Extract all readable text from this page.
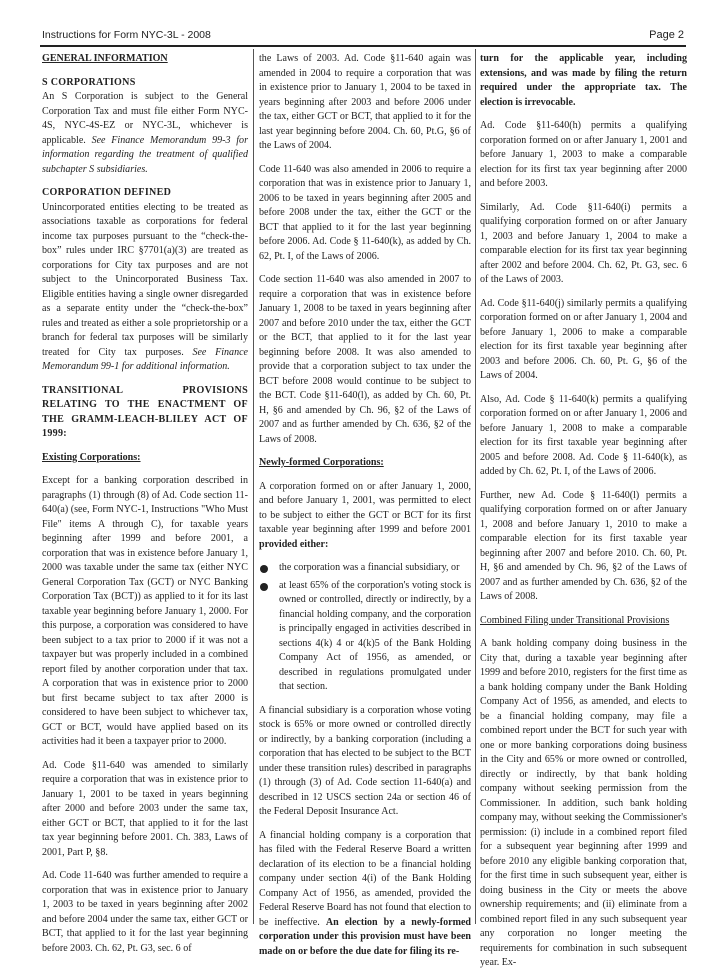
Instructions for Form NYC-3L - 2008	Page 2
GENERAL INFORMATION
S CORPORATIONS

An S Corporation is subject to the General Corporation Tax and must file either Form NYC-4S, NYC-4S-EZ or NYC-3L, whichever is applicable. See Finance Memorandum 99-3 for information regarding the treatment of qualified subchapter S subsidiaries.

CORPORATION DEFINED

Unincorporated entities electing to be treated as associations taxable as corporations for federal income tax purposes pursuant to the “check-the-box” rules under IRC §7701(a)(3) are treated as corporations for City tax purposes and are not subject to the Unincorporated Business Tax. Eligible entities having a single owner disregarded as a separate entity under the “check-the-box” rules and treated as either a sole proprietorship or a branch for federal tax purposes will be similarly treated for City tax purposes. See Finance Memorandum 99-1 for additional information.

TRANSITIONAL PROVISIONS RELATING TO THE ENACTMENT OF THE GRAMM-LEACH-BLILEY ACT OF 1999:
Existing Corporations:

Except for a banking corporation described in paragraphs (1) through (8) of Ad. Code section 11-640(a) (see, Form NYC-1, Instructions "Who Must File" items A through C), for taxable years beginning after 1999 and before 2001, a corporation that was in existence before January 1, 2000 was taxable under the same tax (either NYC General Corporation Tax (GCT) or NYC Banking Corporation Tax (BCT)) as applied to it for its last taxable year beginning before January 1, 2000. For this purpose, a corporation was considered to have been subject to a tax prior to 2000 if it was not a taxpayer but was properly included in a combined report filed by another corporation under that tax. A corporation that was in existence prior to 2000 but first became subject to tax after 2000 is considered to have been subject to whichever tax, GCT or BCT, would have applied based on its activities had it been a taxpayer prior to 2000.

Ad. Code §11-640 was amended to similarly require a corporation that was in existence prior to January 1, 2001 to be taxed in years beginning after 2000 and before 2003 under the same tax, either GCT or BCT, that applied to it for the last tax year beginning before 2001. Ch. 383, Laws of 2001, Part P, §8.

Ad. Code 11-640 was further amended to require a corporation that was in existence prior to January 1, 2003 to be taxed in years beginning after 2002 and before 2004 under the same tax, either GCT or BCT, that applied to it for the last year beginning before 2003. Ch. 62, Pt. G3, sec. 6 of

the Laws of 2003. Ad. Code §11-640 again was amended in 2004 to require a corporation that was in existence prior to January 1, 2004 to be taxed in years beginning after 2003 and before 2006 under the tax, either GCT or BCT, that applied to it for the last year beginning before 2004. Ch. 60, Pt.G, §6 of the Laws of 2004.

Code 11-640 was also amended in 2006 to require a corporation that was in existence prior to January 1, 2006 to be taxed in years beginning after 2005 and before 2008 under the tax, either the GCT or the BCT that applied to it for the last year beginning before 2006. Ad. Code § 11-640(k), as added by Ch. 62, Pt. I, of the Laws of 2006.

Code section 11-640 was also amended in 2007 to require a corporation that was in existence before January 1, 2008 to be taxed in years beginning after 2007 and before 2010 under the tax, either the GCT or the BCT, that applied to it for the last year beginning before 2008. It was also amended to provide that a corporation subject to tax under the BCT before 2008 would continue to be subject to the BCT. Code §11-640(l), as added by Ch. 60, Pt. H, §6 and amended by Ch. 96, §2 of the Laws of 2007 and as further amended by Ch. 636, §2 of the Laws of 2008.

Newly-formed Corporations:

A corporation formed on or after January 1, 2000, and before January 1, 2001, was permitted to elect to be subject to either the GCT or BCT for its first taxable year beginning after 1999 and before 2001 provided either:

the corporation was a financial subsidiary, or
at least 65% of the corporation's voting stock is owned or controlled, directly or indirectly, by a financial holding company, and the corporation is principally engaged in activities described in sections 4(k) 4 or 4(k)5 of the Bank Holding Company Act of 1956, as amended, or described in regulations promulgated under that section.

A financial subsidiary is a corporation whose voting stock is 65% or more owned or controlled directly or indirectly, by a banking corporation (including a corporation that has elected to be subject to the BCT under these transition rules) described in paragraphs (1) through (3) of Ad. Code section 11-640(a) and described in 12 USCS section 24a or section 46 of the Federal Deposit Insurance Act.

A financial holding company is a corporation that has filed with the Federal Reserve Board a written declaration of its election to be a financial holding company under section 4(i) of the Bank Holding Company Act of 1956, as amended, provided the Federal Reserve Board has not found that election to be ineffective. An election by a newly-formed corporation under this provision must have been made on or before the due date for filing its re-

turn for the applicable year, including extensions, and was made by filing the return required under the appropriate tax. The election is irrevocable.

Ad. Code §11-640(h) permits a qualifying corporation formed on or after January 1, 2001 and before January 1, 2003 to make a comparable election for its first tax year beginning after 2000 and before 2003.

Similarly, Ad. Code §11-640(i) permits a qualifying corporation formed on or after January 1, 2003 and before January 1, 2004 to make a comparable election for its first tax year beginning after 2002 and before 2004. Ch. 62, Pt. G3, sec. 6 of the Laws of 2003.

Ad. Code §11-640(j) similarly permits a qualifying corporation formed on or after January 1, 2004 and before January 1, 2006 to make a comparable election for its first taxable year beginning after 2003 and before 2006. Ch. 60, Pt. G, §6 of the Laws of 2004.

Also, Ad. Code § 11-640(k) permits a qualifying corporation formed on or after January 1, 2006 and before January 1, 2008 to make a comparable election for its first taxable year beginning after 2005 and before 2008. Ad. Code § 11-640(k), as added by Ch. 62, Pt. I, of the Laws of 2006.

Further, new Ad. Code § 11-640(l) permits a qualifying corporation formed on or after January 1, 2008 and before January 1, 2010 to make a comparable election for its first taxable year beginning after 2007 and before 2010. Ch. 60, Pt. H, §6 and amended by Ch. 96, §2 of the Laws of 2007 and as further amended by Ch. 636, §2 of the Laws of 2008.

Combined Filing under Transitional Provisions

A bank holding company doing business in the City that, during a taxable year beginning after 1999 and before 2010, registers for the first time as a bank holding company under the Bank Holding Company Act of 1956, as amended, and elects to be a financial holding company, may file a combined report under the BCT for such year with one or more banking corporations doing business in the City and 65% or more owned or controlled, directly or indirectly, by that bank holding company without seeking permission from the Commissioner. In addition, such bank holding company may, without seeking the Commissioner's permission: (i) include in a combined report filed for a subsequent year beginning after 1999 and before 2010 any eligible banking corporation that, for the first time in such subsequent year, either is doing business in the City or meets the above ownership requirements; and (ii) eliminate from a combined report filed in any such subsequent year any corporation no longer meeting the requirements for combination in such subsequent year. Ex-
